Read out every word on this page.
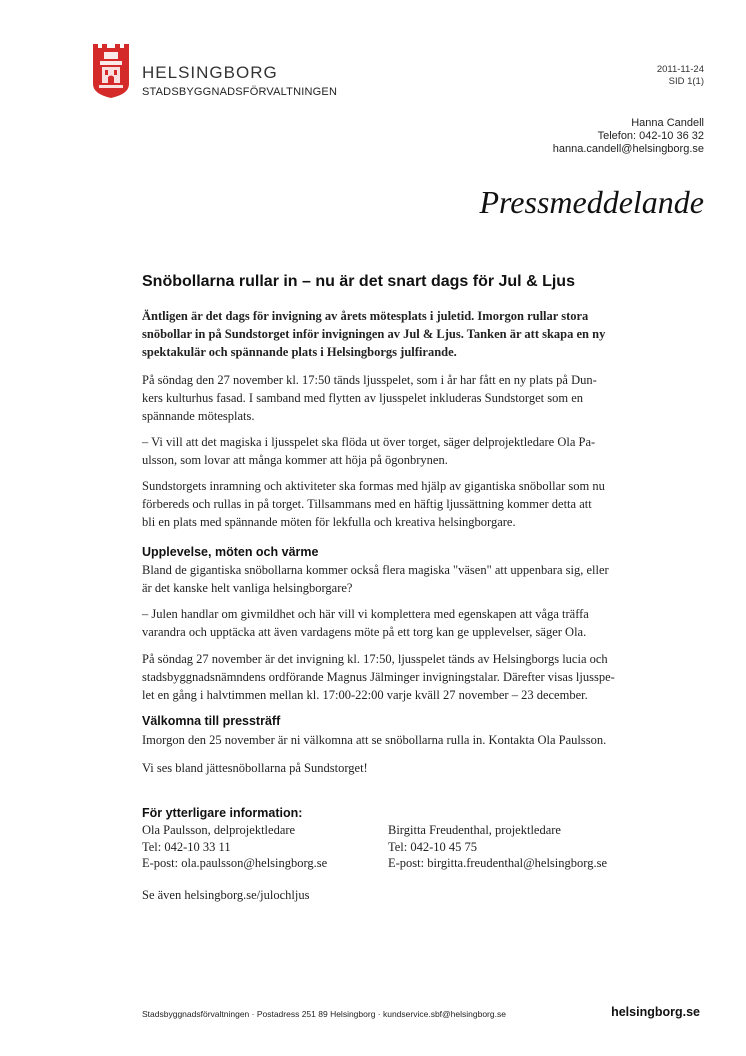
HELSINGBORG
STADSBYGGNADSFÖRVALTNINGEN
2011-11-24
SID 1(1)
Hanna Candell
Telefon: 042-10 36 32
hanna.candell@helsingborg.se
Pressmeddelande
Snöbollarna rullar in – nu är det snart dags för Jul & Ljus
Äntligen är det dags för invigning av årets mötesplats i juletid. Imorgon rullar stora
snöbollar in på Sundstorget inför invigningen av Jul & Ljus. Tanken är att skapa en ny
spektakulär och spännande plats i Helsingborgs julfirande.
På söndag den 27 november kl. 17:50 tänds ljusspelet, som i år har fått en ny plats på Dun-
kers kulturhus fasad. I samband med flytten av ljusspelet inkluderas Sundstorget som en
spännande mötesplats.
– Vi vill att det magiska i ljusspelet ska flöda ut över torget, säger delprojektledare Ola Pa-
ulsson, som lovar att många kommer att höja på ögonbrynen.
Sundstorgets inramning och aktiviteter ska formas med hjälp av gigantiska snöbollar som nu
förbereds och rullas in på torget. Tillsammans med en häftig ljussättning kommer detta att
bli en plats med spännande möten för lekfulla och kreativa helsingborgare.
Upplevelse, möten och värme
Bland de gigantiska snöbollarna kommer också flera magiska "väsen" att uppenbara sig, eller
är det kanske helt vanliga helsingborgare?
– Julen handlar om givmildhet och här vill vi komplettera med egenskapen att våga träffa
varandra och upptäcka att även vardagens möte på ett torg kan ge upplevelser, säger Ola.
På söndag 27 november är det invigning kl. 17:50, ljusspelet tänds av Helsingborgs lucia och
stadsbyggnadsnämndens ordförande Magnus Jälminger invigningstalar. Därefter visas ljusspe-
let en gång i halvtimmen mellan kl. 17:00-22:00 varje kväll 27 november – 23 december.
Välkomna till pressträff
Imorgon den 25 november är ni välkomna att se snöbollarna rulla in. Kontakta Ola Paulsson.
Vi ses bland jättesnöbollarna på Sundstorget!
För ytterligare information:
Ola Paulsson, delprojektledare
Tel: 042-10 33 11
E-post: ola.paulsson@helsingborg.se
Birgitta Freudenthal, projektledare
Tel: 042-10 45 75
E-post: birgitta.freudenthal@helsingborg.se
Se även helsingborg.se/julochljus
Stadsbyggnadsförvaltningen · Postadress 251 89 Helsingborg · kundservice.sbf@helsingborg.se	helsingborg.se
